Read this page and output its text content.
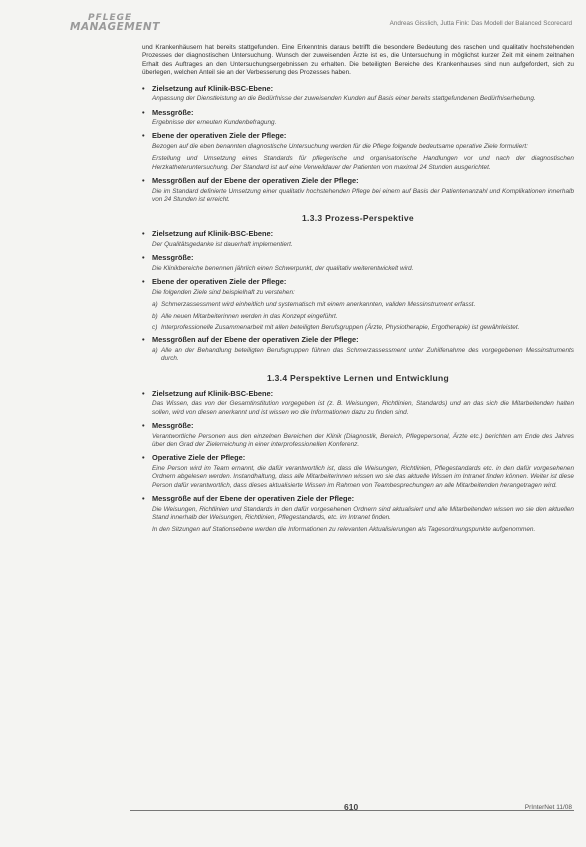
PFLEGE
MANAGEMENT	Andreas Gisslich, Jutta Fink: Das Modell der Balanced Scorecard

und Krankenhäusern hat bereits stattgefunden. Eine Erkenntnis daraus betrifft die besondere Bedeutung des raschen und qualitativ hochstehenden Prozesses der diagnostischen Untersuchung. Wunsch der zuweisenden Ärzte ist es, die Untersuchung in möglichst kurzer Zeit mit einem zeitnahen Erhalt des Auftrages an den Untersuchungsergebnissen zu erhalten. Die beteiligten Bereiche des Krankenhauses sind nun aufgefordert, sich zu überlegen, welchen Anteil sie an der Verbesserung des Prozesses haben.

• Zielsetzung auf Klinik-BSC-Ebene:

Anpassung der Dienstleistung an die Bedürfnisse der zuweisenden Kunden auf Basis einer bereits stattgefundenen Bedürfniserhebung.

• Messgröße:

Ergebnisse der erneuten Kundenbefragung.

• Ebene der operativen Ziele der Pflege:

Bezogen auf die eben benannten diagnostische Untersuchung werden für die Pflege folgende bedeutsame operative Ziele formuliert:

Erstellung und Umsetzung eines Standards für pflegerische und organisatorische Handlungen vor und nach der diagnostischen Herzkatheteruntersuchung. Der Standard ist auf eine Verweildauer der Patienten von maximal 24 Stunden ausgerichtet.

• Messgrößen auf der Ebene der operativen Ziele der Pflege:

Die im Standard definierte Umsetzung einer qualitativ hochstehenden Pflege bei einem auf Basis der Patientenanzahl und Komplikationen innerhalb von 24 Stunden ist erreicht.

1.3.3 Prozess-Perspektive
• Zielsetzung auf Klinik-BSC-Ebene:

Der Qualitätsgedanke ist dauerhaft implementiert.

• Messgröße:

Die Klinikbereiche benennen jährlich einen Schwerpunkt, der qualitativ weiterentwickelt wird.

• Ebene der operativen Ziele der Pflege:

Die folgenden Ziele sind beispielhaft zu verstehen:

a) Schmerzassessment wird einheitlich und systematisch mit einem anerkannten, validen Messinstrument erfasst.
b) Alle neuen Mitarbeiterinnen werden in das Konzept eingeführt.
c) Interprofessionelle Zusammenarbeit mit allen beteiligten Berufsgruppen (Ärzte, Physiotherapie, Ergotherapie) ist gewährleistet.
• Messgrößen auf der Ebene der operativen Ziele der Pflege:
a) Alle an der Behandlung beteiligten Berufsgruppen führen das Schmerzassessment unter Zuhilfenahme des vorgegebenen Messinstruments durch.
1.3.4 Perspektive Lernen und Entwicklung
• Zielsetzung auf Klinik-BSC-Ebene:

Das Wissen, das von der Gesamtinstitution vorgegeben ist (z. B. Weisungen, Richtlinien, Standards) und an das sich die Mitarbeitenden halten sollen, wird von diesen anerkannt und ist wissen wo die Informationen dazu zu finden sind.

• Messgröße:

Verantwortliche Personen aus den einzelnen Bereichen der Klinik (Diagnostik, Bereich, Pflegepersonal, Ärzte etc.) berichten am Ende des Jahres über den Grad der Zielerreichung in einer interprofessionellen Konferenz.

• Operative Ziele der Pflege:

Eine Person wird im Team ernannt, die dafür verantwortlich ist, dass die Weisungen, Richtlinien, Pflegestandards etc. in den dafür vorgesehenen Ordnern abgelesen werden. Instandhaltung, dass alle Mitarbeiterinnen wissen wo sie das aktuelle Wissen im Intranet finden können. Weiter ist diese Person dafür verantwortlich, dass dieses aktualisierte Wissen im Rahmen von Teambesprechungen an alle Mitarbeitenden herangetragen wird.

• Messgröße auf der Ebene der operativen Ziele der Pflege:

Die Weisungen, Richtlinien und Standards in den dafür vorgesehenen Ordnern sind aktualisiert und alle Mitarbeitenden wissen wo sie den aktuellen Stand innerhalb der Weisungen, Richtlinien, Pflegestandards, etc. im Intranet finden.

In den Sitzungen auf Stationsebene werden die Informationen zu relevanten Aktualisierungen als Tagesordnungspunkte aufgenommen.

610	PrInterNet 11/08
